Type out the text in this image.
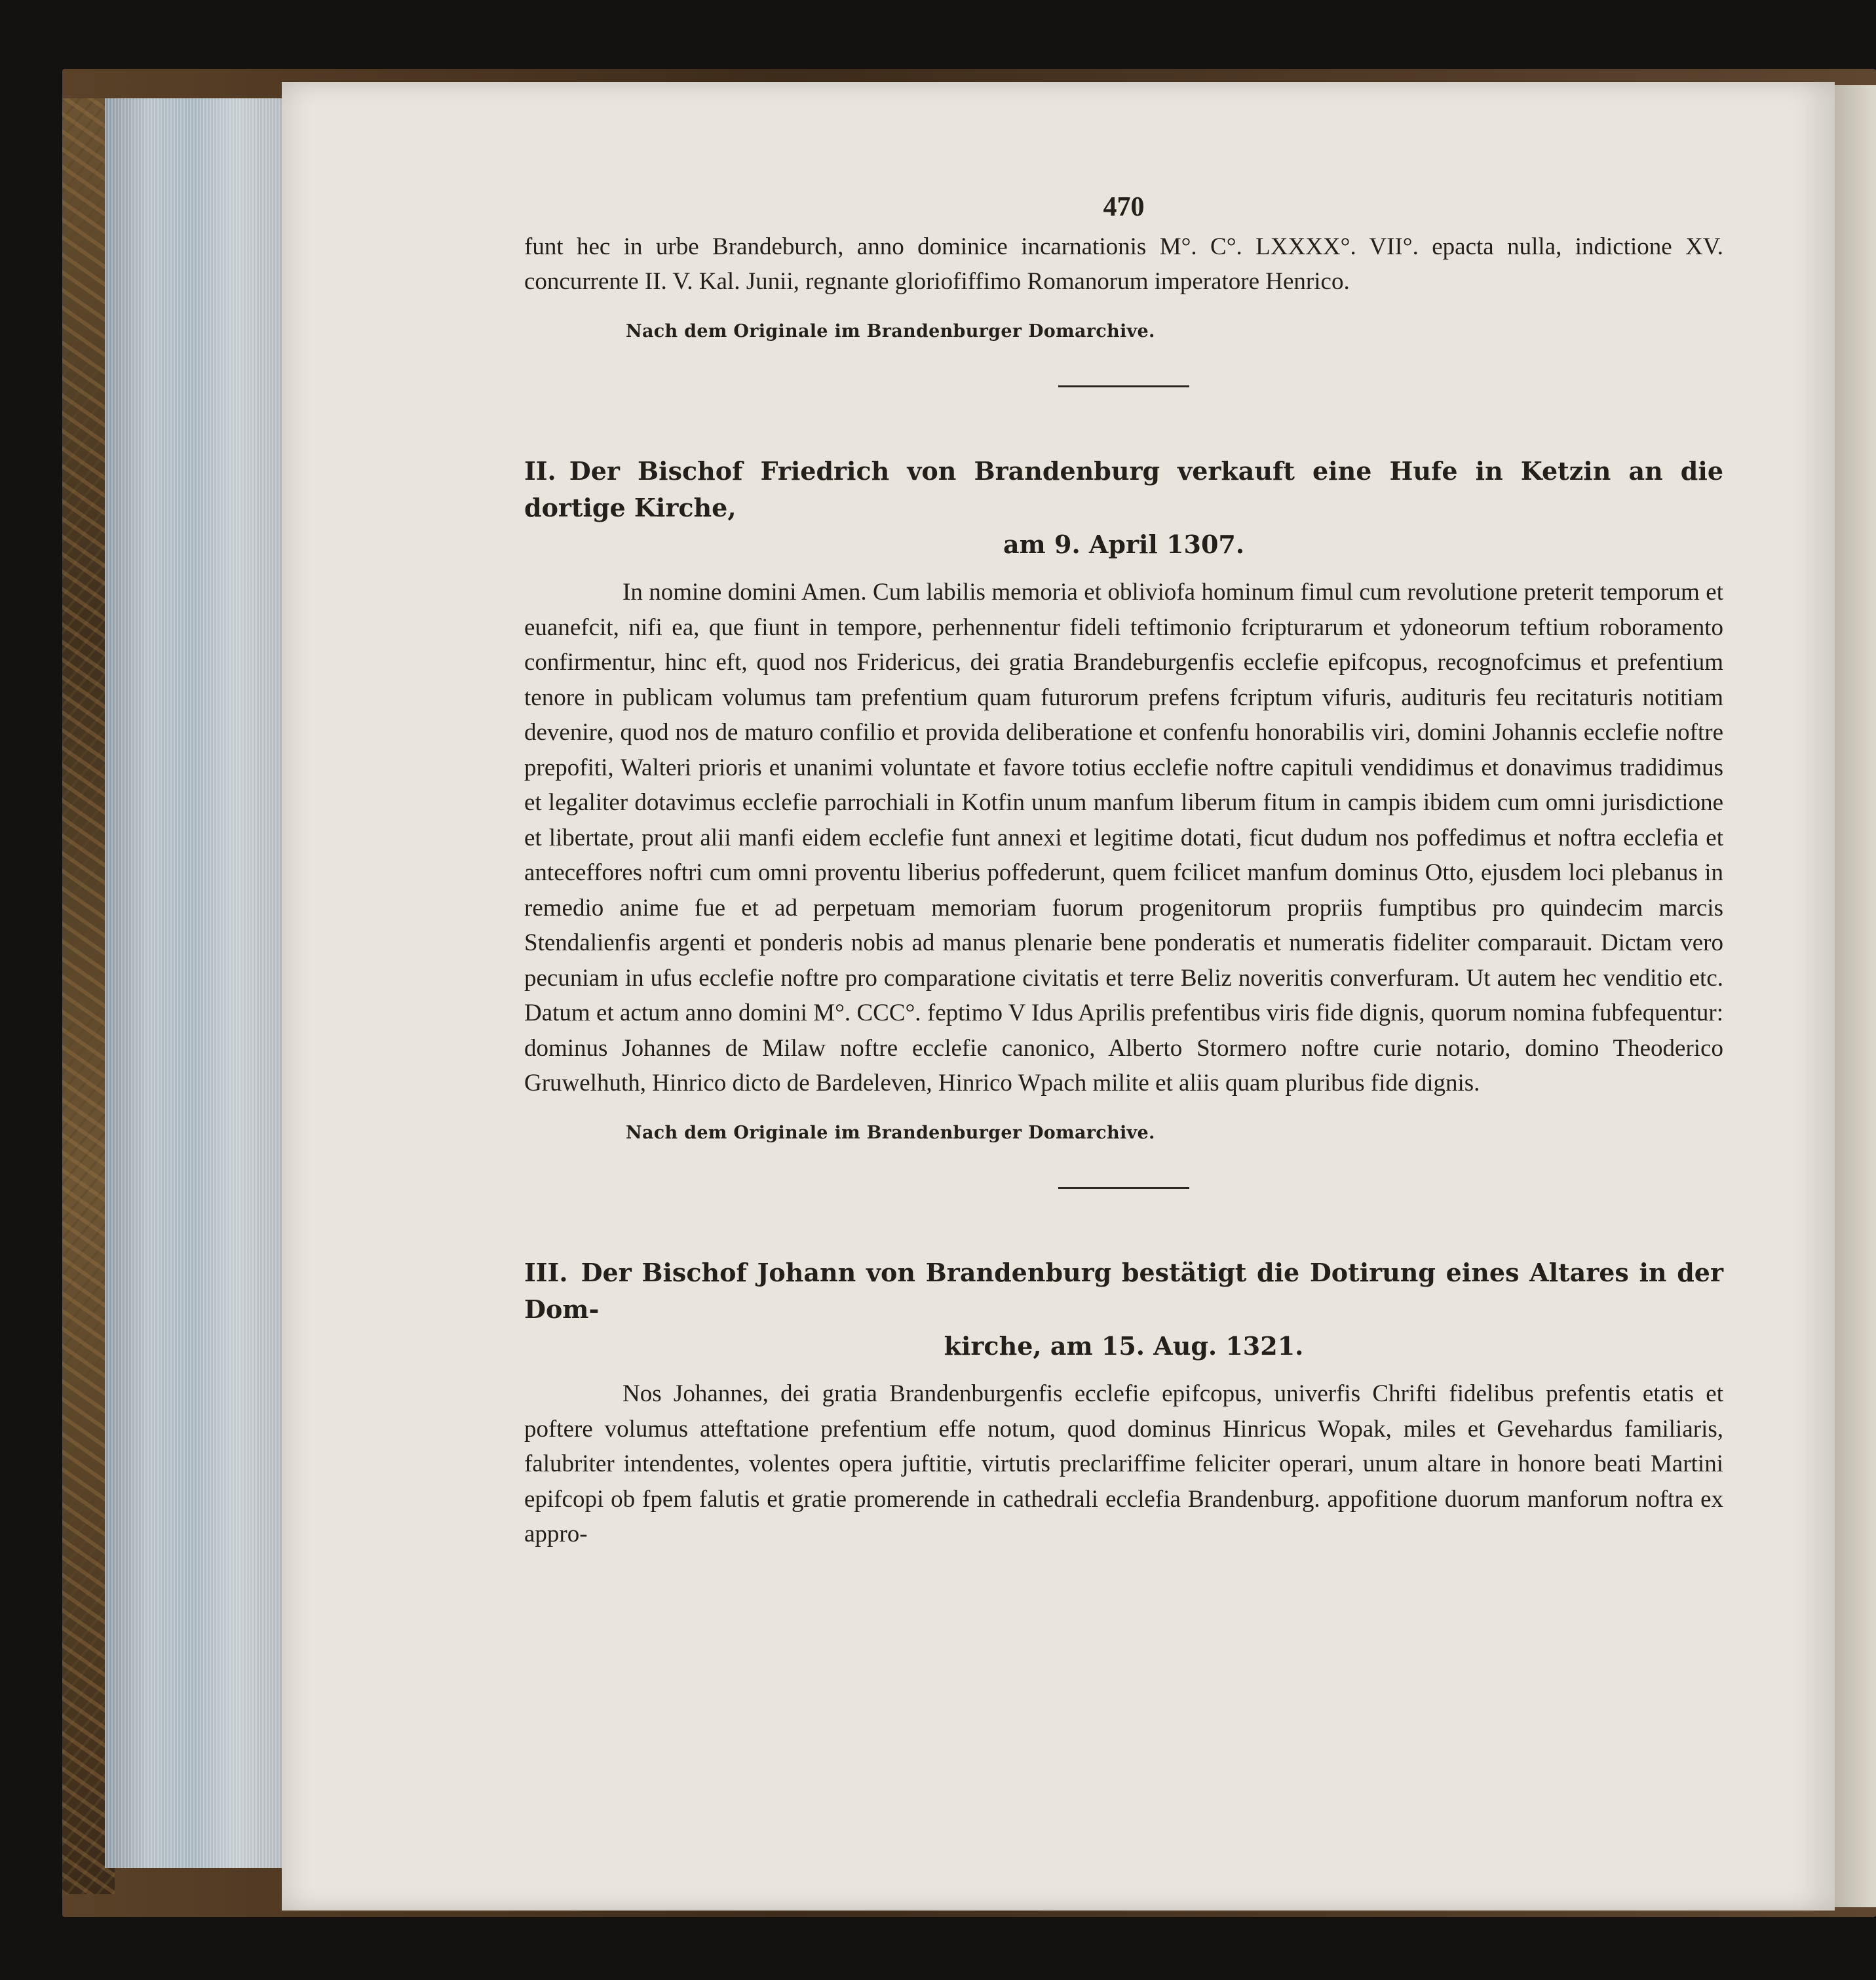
470

funt hec in urbe Brandeburch, anno dominice incarnationis M°. C°. LXXXX°. VII°. epacta nulla, indictione XV. concurrente II. V. Kal. Junii, regnante gloriofiffimo Romanorum imperatore Henrico.

Nach dem Originale im Brandenburger Domarchive.
II. Der Bischof Friedrich von Brandenburg verkauft eine Hufe in Ketzin an die dortige Kirche,
am 9. April 1307.

In nomine domini Amen. Cum labilis memoria et obliviofa hominum fimul cum revolutione preterit temporum et euanefcit, nifi ea, que fiunt in tempore, perhennentur fideli teftimonio fcripturarum et ydoneorum teftium roboramento confirmentur, hinc eft, quod nos Fridericus, dei gratia Brandeburgenfis ecclefie epifcopus, recognofcimus et prefentium tenore in publicam volumus tam prefentium quam futurorum prefens fcriptum vifuris, audituris feu recitaturis notitiam devenire, quod nos de maturo confilio et provida deliberatione et confenfu honorabilis viri, domini Johannis ecclefie noftre prepofiti, Walteri prioris et unanimi voluntate et favore totius ecclefie noftre capituli vendidimus et donavimus tradidimus et legaliter dotavimus ecclefie parrochiali in Kotfin unum manfum liberum fitum in campis ibidem cum omni jurisdictione et libertate, prout alii manfi eidem ecclefie funt annexi et legitime dotati, ficut dudum nos poffedimus et noftra ecclefia et anteceffores noftri cum omni proventu liberius poffederunt, quem fcilicet manfum dominus Otto, ejusdem loci plebanus in remedio anime fue et ad perpetuam memoriam fuorum progenitorum propriis fumptibus pro quindecim marcis Stendalienfis argenti et ponderis nobis ad manus plenarie bene ponderatis et numeratis fideliter comparauit. Dictam vero pecuniam in ufus ecclefie noftre pro comparatione civitatis et terre Beliz noveritis converfuram. Ut autem hec venditio etc. Datum et actum anno domini M°. CCC°. feptimo V Idus Aprilis prefentibus viris fide dignis, quorum nomina fubfequentur: dominus Johannes de Milaw noftre ecclefie canonico, Alberto Stormero noftre curie notario, domino Theoderico Gruwelhuth, Hinrico dicto de Bardeleven, Hinrico Wpach milite et aliis quam pluribus fide dignis.

Nach dem Originale im Brandenburger Domarchive.
III. Der Bischof Johann von Brandenburg bestätigt die Dotirung eines Altares in der Dom-
kirche, am 15. Aug. 1321.

Nos Johannes, dei gratia Brandenburgenfis ecclefie epifcopus, univerfis Chrifti fidelibus prefentis etatis et poftere volumus atteftatione prefentium effe notum, quod dominus Hinricus Wopak, miles et Gevehardus familiaris, falubriter intendentes, volentes opera juftitie, virtutis preclariffime feliciter operari, unum altare in honore beati Martini epifcopi ob fpem falutis et gratie promerende in cathedrali ecclefia Brandenburg. appofitione duorum manforum noftra ex appro-
